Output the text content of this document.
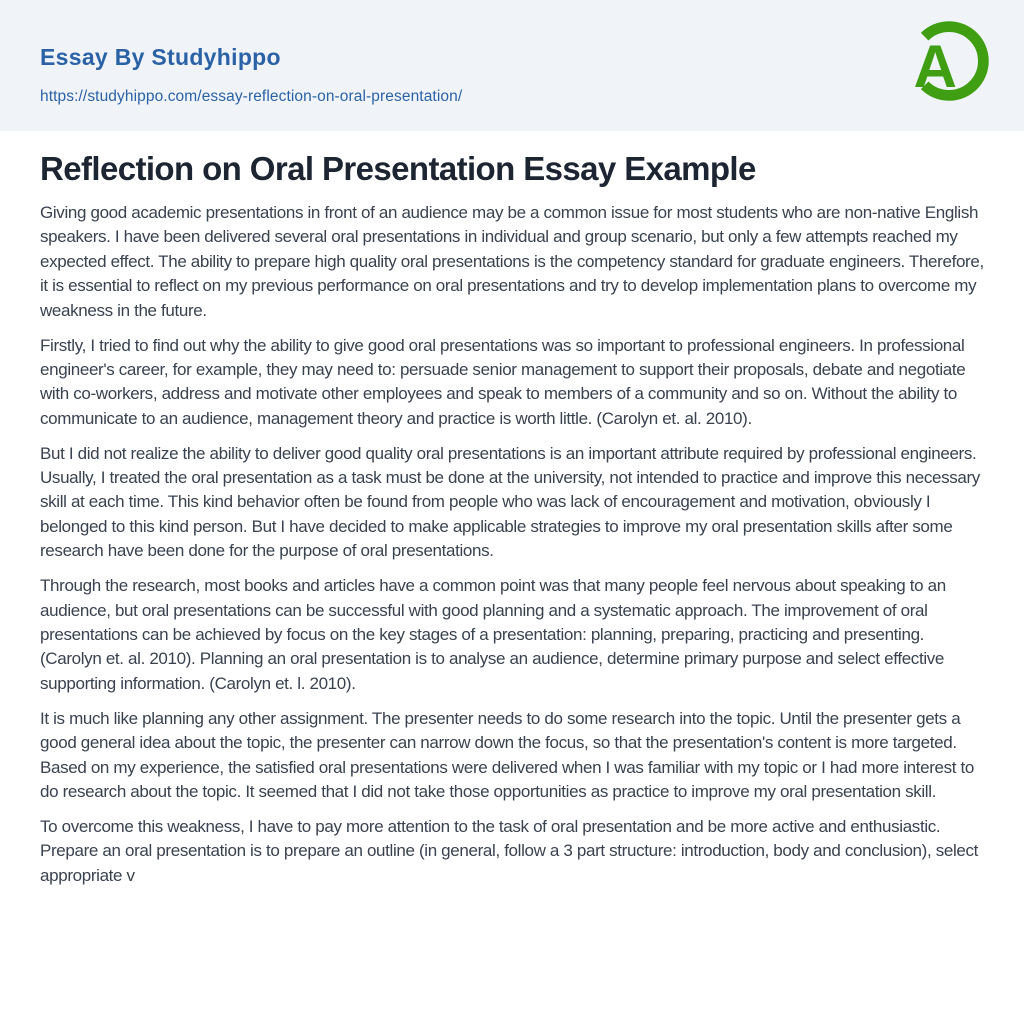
Essay By Studyhippo
https://studyhippo.com/essay-reflection-on-oral-presentation/	A
Reflection on Oral Presentation Essay Example

Giving good academic presentations in front of an audience may be a common issue for most students who are non-native English speakers. I have been delivered several oral presentations in individual and group scenario, but only a few attempts reached my expected effect. The ability to prepare high quality oral presentations is the competency standard for graduate engineers. Therefore, it is essential to reflect on my previous performance on oral presentations and try to develop implementation plans to overcome my weakness in the future.

Firstly, I tried to find out why the ability to give good oral presentations was so important to professional engineers. In professional engineer's career, for example, they may need to: persuade senior management to support their proposals, debate and negotiate with co-workers, address and motivate other employees and speak to members of a community and so on. Without the ability to communicate to an audience, management theory and practice is worth little. (Carolyn et. al. 2010).

But I did not realize the ability to deliver good quality oral presentations is an important attribute required by professional engineers. Usually, I treated the oral presentation as a task must be done at the university, not intended to practice and improve this necessary skill at each time. This kind behavior often be found from people who was lack of encouragement and motivation, obviously I belonged to this kind person. But I have decided to make applicable strategies to improve my oral presentation skills after some research have been done for the purpose of oral presentations.

Through the research, most books and articles have a common point was that many people feel nervous about speaking to an audience, but oral presentations can be successful with good planning and a systematic approach. The improvement of oral presentations can be achieved by focus on the key stages of a presentation: planning, preparing, practicing and presenting. (Carolyn et. al. 2010). Planning an oral presentation is to analyse an audience, determine primary purpose and select effective supporting information. (Carolyn et. l. 2010).

It is much like planning any other assignment. The presenter needs to do some research into the topic. Until the presenter gets a good general idea about the topic, the presenter can narrow down the focus, so that the presentation's content is more targeted. Based on my experience, the satisfied oral presentations were delivered when I was familiar with my topic or I had more interest to do research about the topic. It seemed that I did not take those opportunities as practice to improve my oral presentation skill.

To overcome this weakness, I have to pay more attention to the task of oral presentation and be more active and enthusiastic. Prepare an oral presentation is to prepare an outline (in general, follow a 3 part structure: introduction, body and conclusion), select appropriate v
